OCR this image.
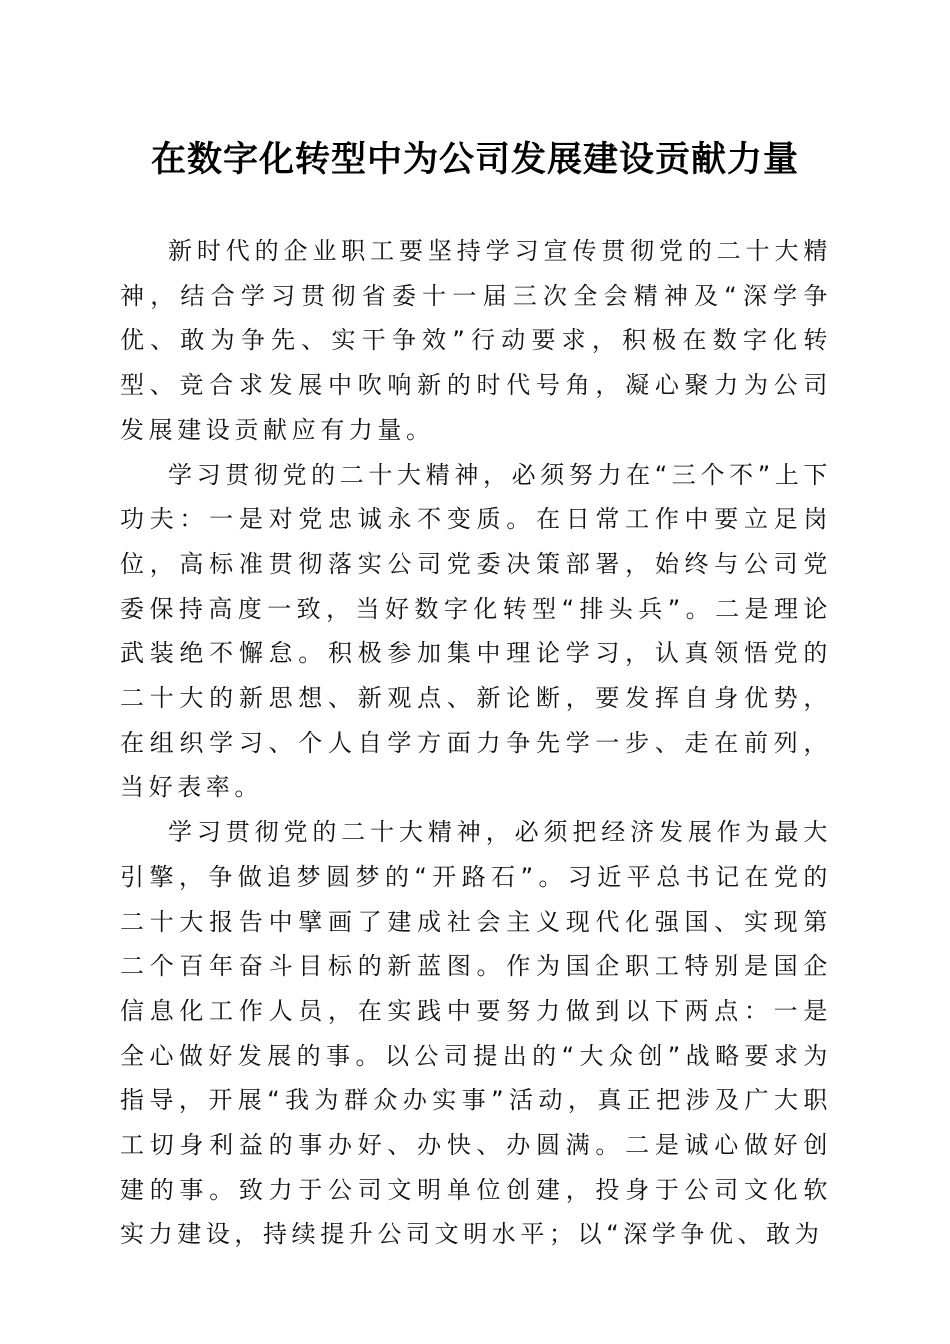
在数字化转型中为公司发展建设贡献力量

新时代的企业职工要坚持学习宣传贯彻党的二十大精神，结合学习贯彻省委十一届三次全会精神及“深学争优、敢为争先、实干争效”行动要求，积极在数字化转型、竞合求发展中吹响新的时代号角，凝心聚力为公司发展建设贡献应有力量。

学习贯彻党的二十大精神，必须努力在“三个不”上下功夫：一是对党忠诚永不变质。在日常工作中要立足岗位，高标准贯彻落实公司党委决策部署，始终与公司党委保持高度一致，当好数字化转型“排头兵”。二是理论武装绝不懈怠。积极参加集中理论学习，认真领悟党的二十大的新思想、新观点、新论断，要发挥自身优势，在组织学习、个人自学方面力争先学一步、走在前列，当好表率。

学习贯彻党的二十大精神，必须把经济发展作为最大引擎，争做追梦圆梦的“开路石”。习近平总书记在党的二十大报告中擘画了建成社会主义现代化强国、实现第二个百年奋斗目标的新蓝图。作为国企职工特别是国企信息化工作人员，在实践中要努力做到以下两点：一是全心做好发展的事。以公司提出的“大众创”战略要求为指导，开展“我为群众办实事”活动，真正把涉及广大职工切身利益的事办好、办快、办圆满。二是诚心做好创建的事。致力于公司文明单位创建，投身于公司文化软实力建设，持续提升公司文明水平；以“深学争优、敢为
